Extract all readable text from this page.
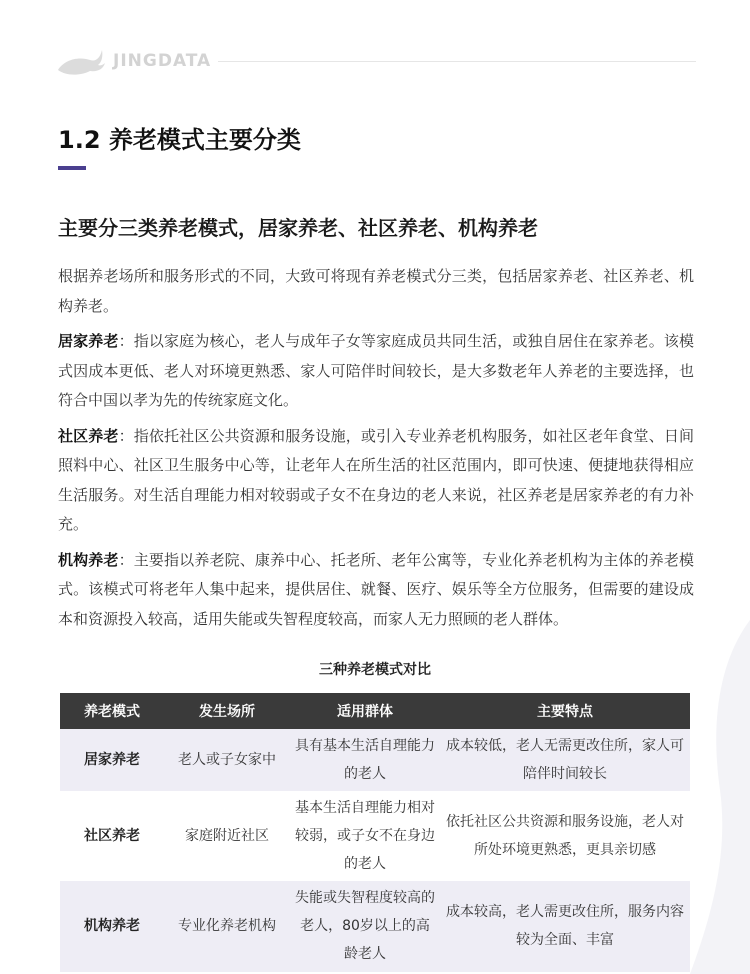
JINGDATA
1.2 养老模式主要分类
主要分三类养老模式，居家养老、社区养老、机构养老

根据养老场所和服务形式的不同，大致可将现有养老模式分三类，包括居家养老、社区养老、机构养老。

居家养老：指以家庭为核心，老人与成年子女等家庭成员共同生活，或独自居住在家养老。该模式因成本更低、老人对环境更熟悉、家人可陪伴时间较长，是大多数老年人养老的主要选择，也符合中国以孝为先的传统家庭文化。

社区养老：指依托社区公共资源和服务设施，或引入专业养老机构服务，如社区老年食堂、日间照料中心、社区卫生服务中心等，让老年人在所生活的社区范围内，即可快速、便捷地获得相应生活服务。对生活自理能力相对较弱或子女不在身边的老人来说，社区养老是居家养老的有力补充。

机构养老：主要指以养老院、康养中心、托老所、老年公寓等，专业化养老机构为主体的养老模式。该模式可将老年人集中起来，提供居住、就餐、医疗、娱乐等全方位服务，但需要的建设成本和资源投入较高，适用失能或失智程度较高，而家人无力照顾的老人群体。

三种养老模式对比
养老模式	发生场所	适用群体	主要特点
居家养老	老人或子女家中	具有基本生活自理能力的老人	成本较低，老人无需更改住所，家人可陪伴时间较长
社区养老	家庭附近社区	基本生活自理能力相对较弱，或子女不在身边的老人	依托社区公共资源和服务设施，老人对所处环境更熟悉，更具亲切感
机构养老	专业化养老机构	失能或失智程度较高的老人，80岁以上的高龄老人	成本较高，老人需更改住所，服务内容较为全面、丰富
